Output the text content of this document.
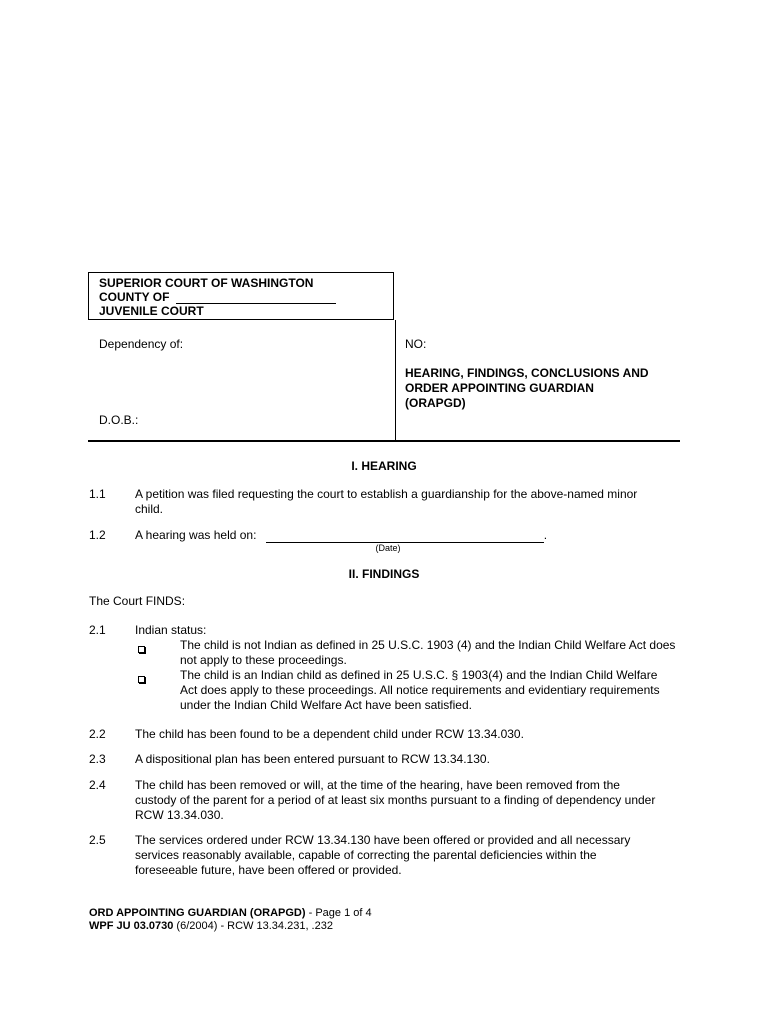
SUPERIOR COURT OF WASHINGTON
COUNTY OF
JUVENILE COURT
Dependency of:
D.O.B.:
NO:
HEARING, FINDINGS, CONCLUSIONS AND
ORDER APPOINTING GUARDIAN
(ORAPGD)
I. HEARING
1.1 A petition was filed requesting the court to establish a guardianship for the above-named minor child.
1.2 A hearing was held on:	.
(Date)
II. FINDINGS
The Court FINDS:
2.1 Indian status:
The child is not Indian as defined in 25 U.S.C. 1903 (4) and the Indian Child Welfare Act does not apply to these proceedings.
The child is an Indian child as defined in 25 U.S.C. § 1903(4) and the Indian Child Welfare Act does apply to these proceedings. All notice requirements and evidentiary requirements under the Indian Child Welfare Act have been satisfied.
2.2 The child has been found to be a dependent child under RCW 13.34.030.
2.3 A dispositional plan has been entered pursuant to RCW 13.34.130.
2.4 The child has been removed or will, at the time of the hearing, have been removed from the custody of the parent for a period of at least six months pursuant to a finding of dependency under RCW 13.34.030.
2.5 The services ordered under RCW 13.34.130 have been offered or provided and all necessary services reasonably available, capable of correcting the parental deficiencies within the foreseeable future, have been offered or provided.
ORD APPOINTING GUARDIAN (ORAPGD) - Page 1 of 4
WPF JU 03.0730 (6/2004) - RCW 13.34.231, .232
